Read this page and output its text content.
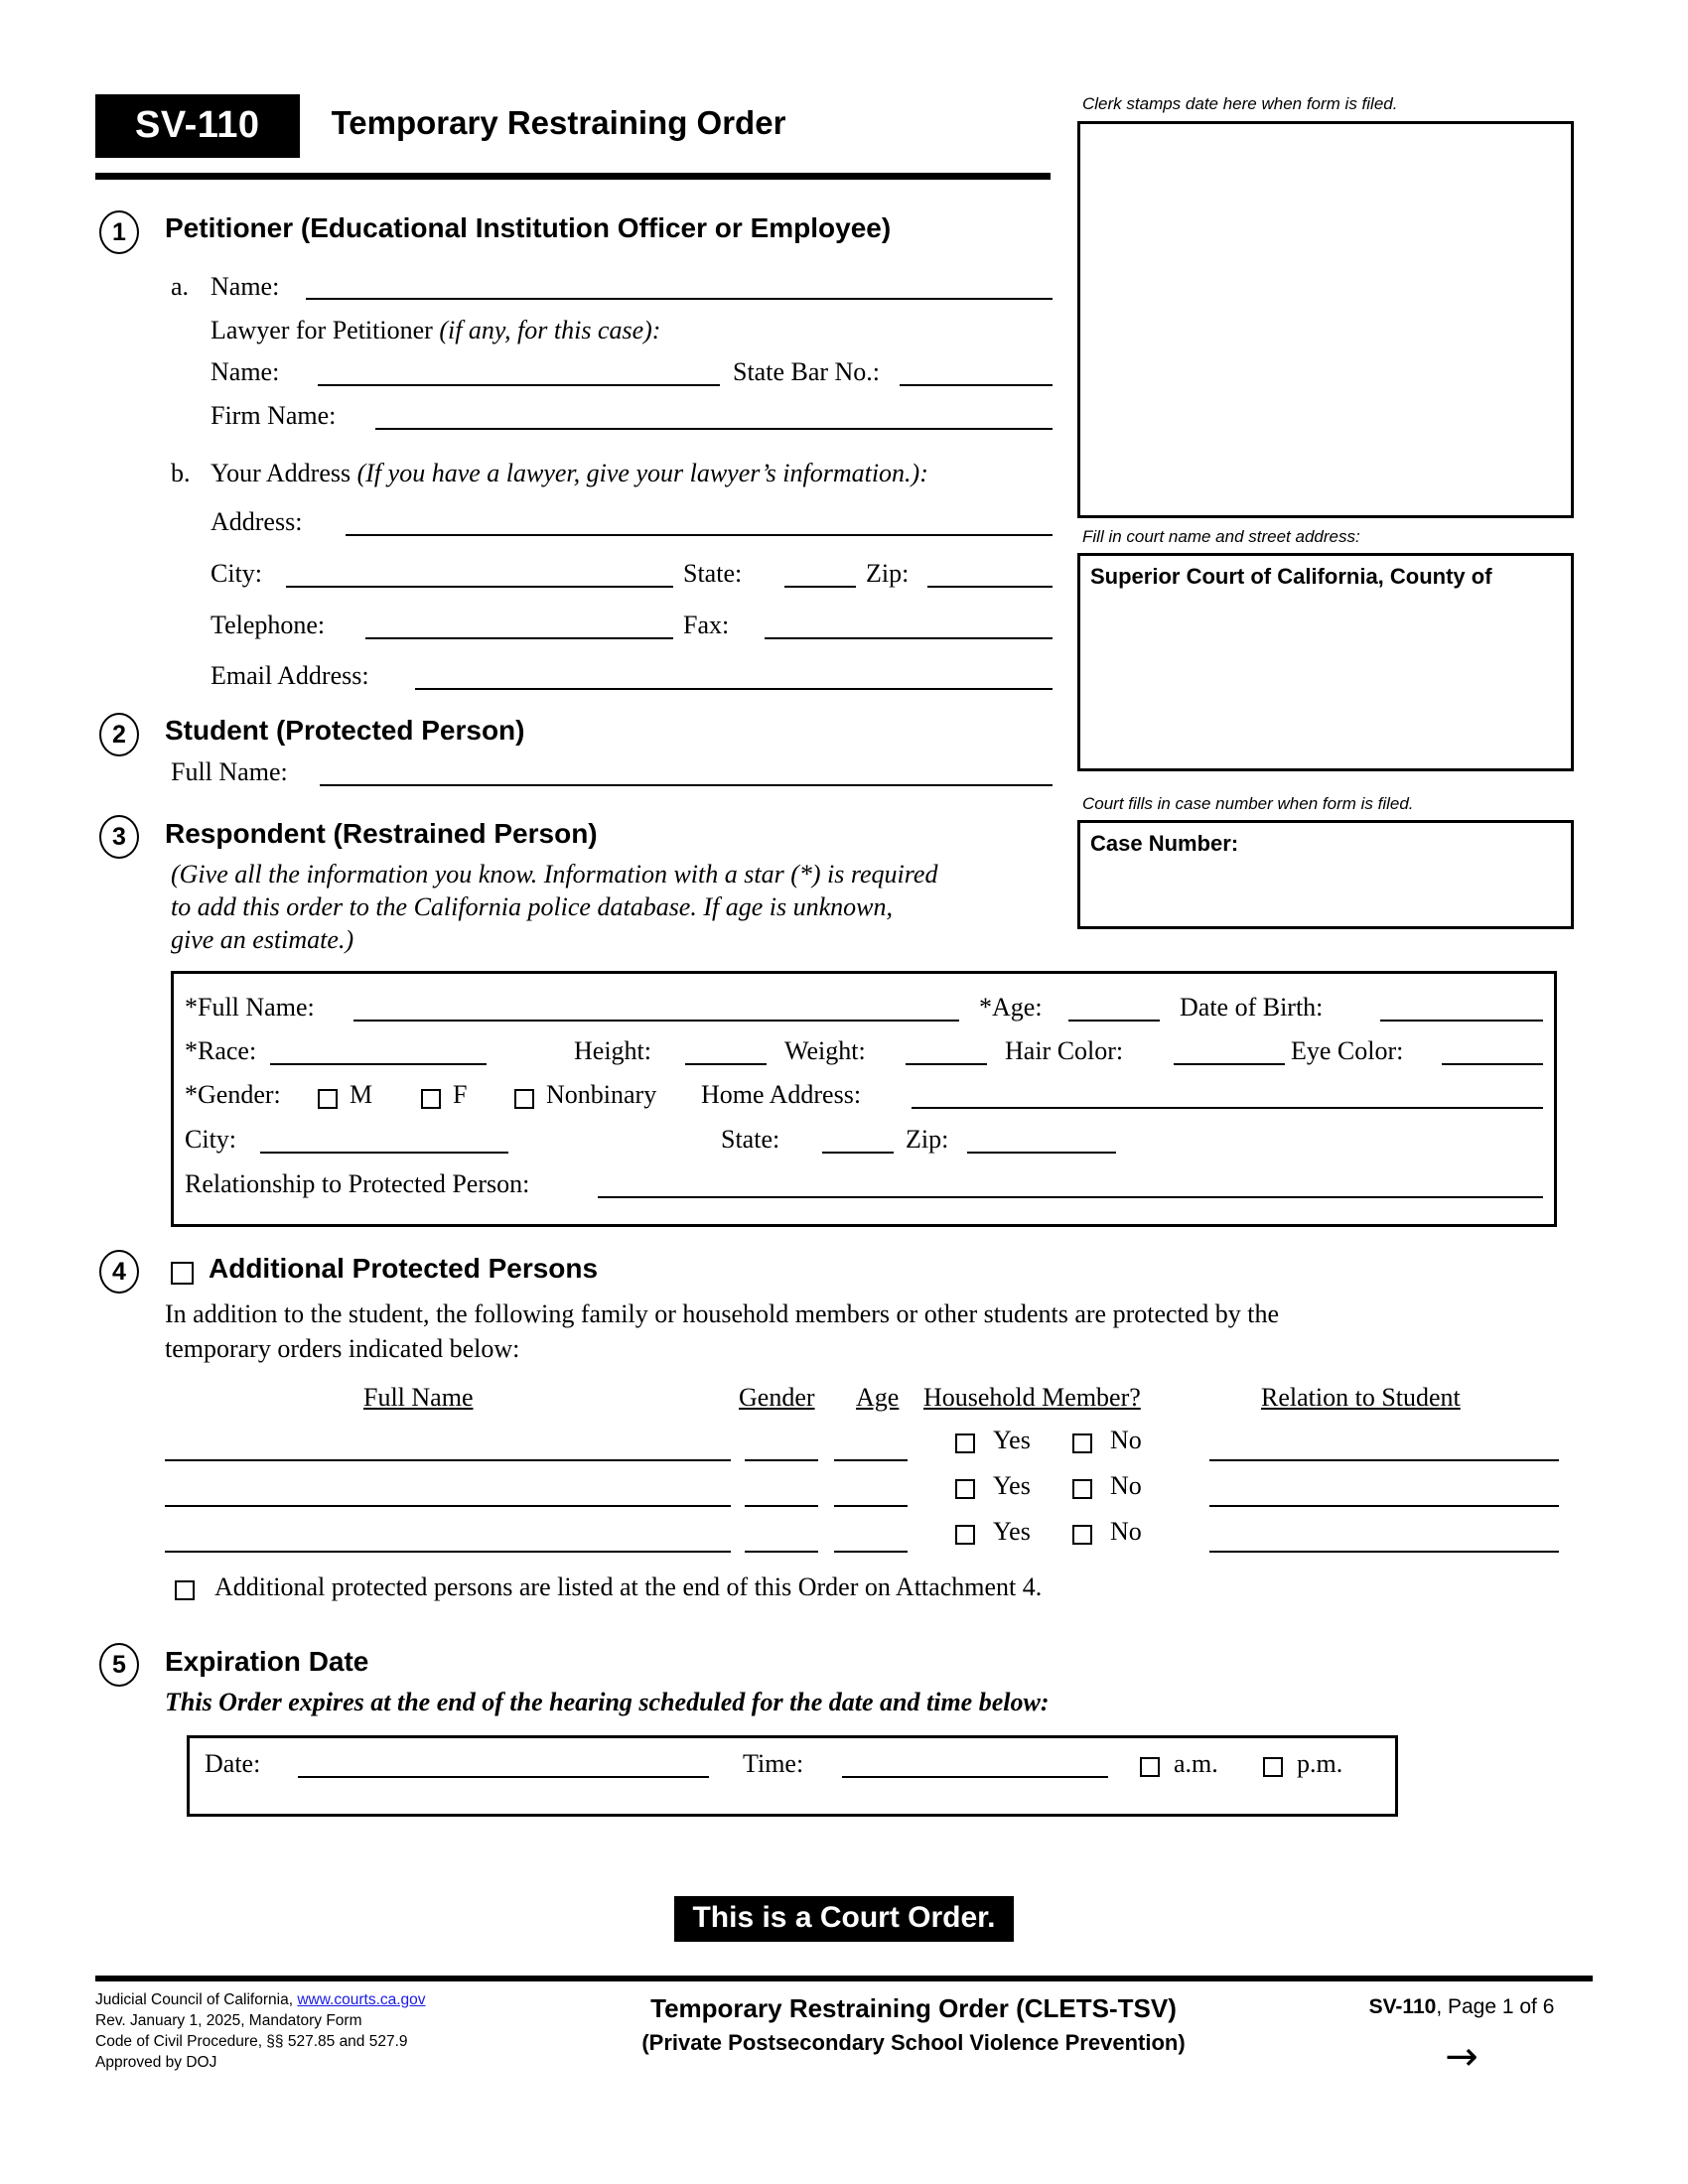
SV-110 Temporary Restraining Order
Clerk stamps date here when form is filed.
Fill in court name and street address:
Superior Court of California, County of
Court fills in case number when form is filed.
Case Number:
1	Petitioner (Educational Institution Officer or Employee)
a. Name:
Lawyer for Petitioner (if any, for this case):
Name:	State Bar No.:
Firm Name:
b. Your Address (If you have a lawyer, give your lawyer’s information.):
Address:
City:	State:	Zip:
Telephone:	Fax:
Email Address:
2	Student (Protected Person)
Full Name:
3	Respondent (Restrained Person)
(Give all the information you know. Information with a star (*) is required
to add this order to the California police database. If age is unknown,
give an estimate.)
*Full Name:	*Age:	Date of Birth:
*Race:	Height:	Weight:	Hair Color:	Eye Color:
*Gender:	M	F	Nonbinary Home Address:
City:	State:	Zip:
Relationship to Protected Person:
4	Additional Protected Persons
In addition to the student, the following family or household members or other students are protected by the
temporary orders indicated below:
Full Name	Gender Age Household Member?	Relation to Student
Yes	No
Yes	No
Yes	No
Additional protected persons are listed at the end of this Order on Attachment 4.
5	Expiration Date
This Order expires at the end of the hearing scheduled for the date and time below:
Date:	Time:	a.m.	p.m.
This is a Court Order.
Judicial Council of California, www.courts.ca.gov
Rev. January 1, 2025, Mandatory Form
Code of Civil Procedure, §§ 527.85 and 527.9
Approved by DOJ
Temporary Restraining Order (CLETS-TSV)
(Private Postsecondary School Violence Prevention)
SV-110, Page 1 of 6
→
